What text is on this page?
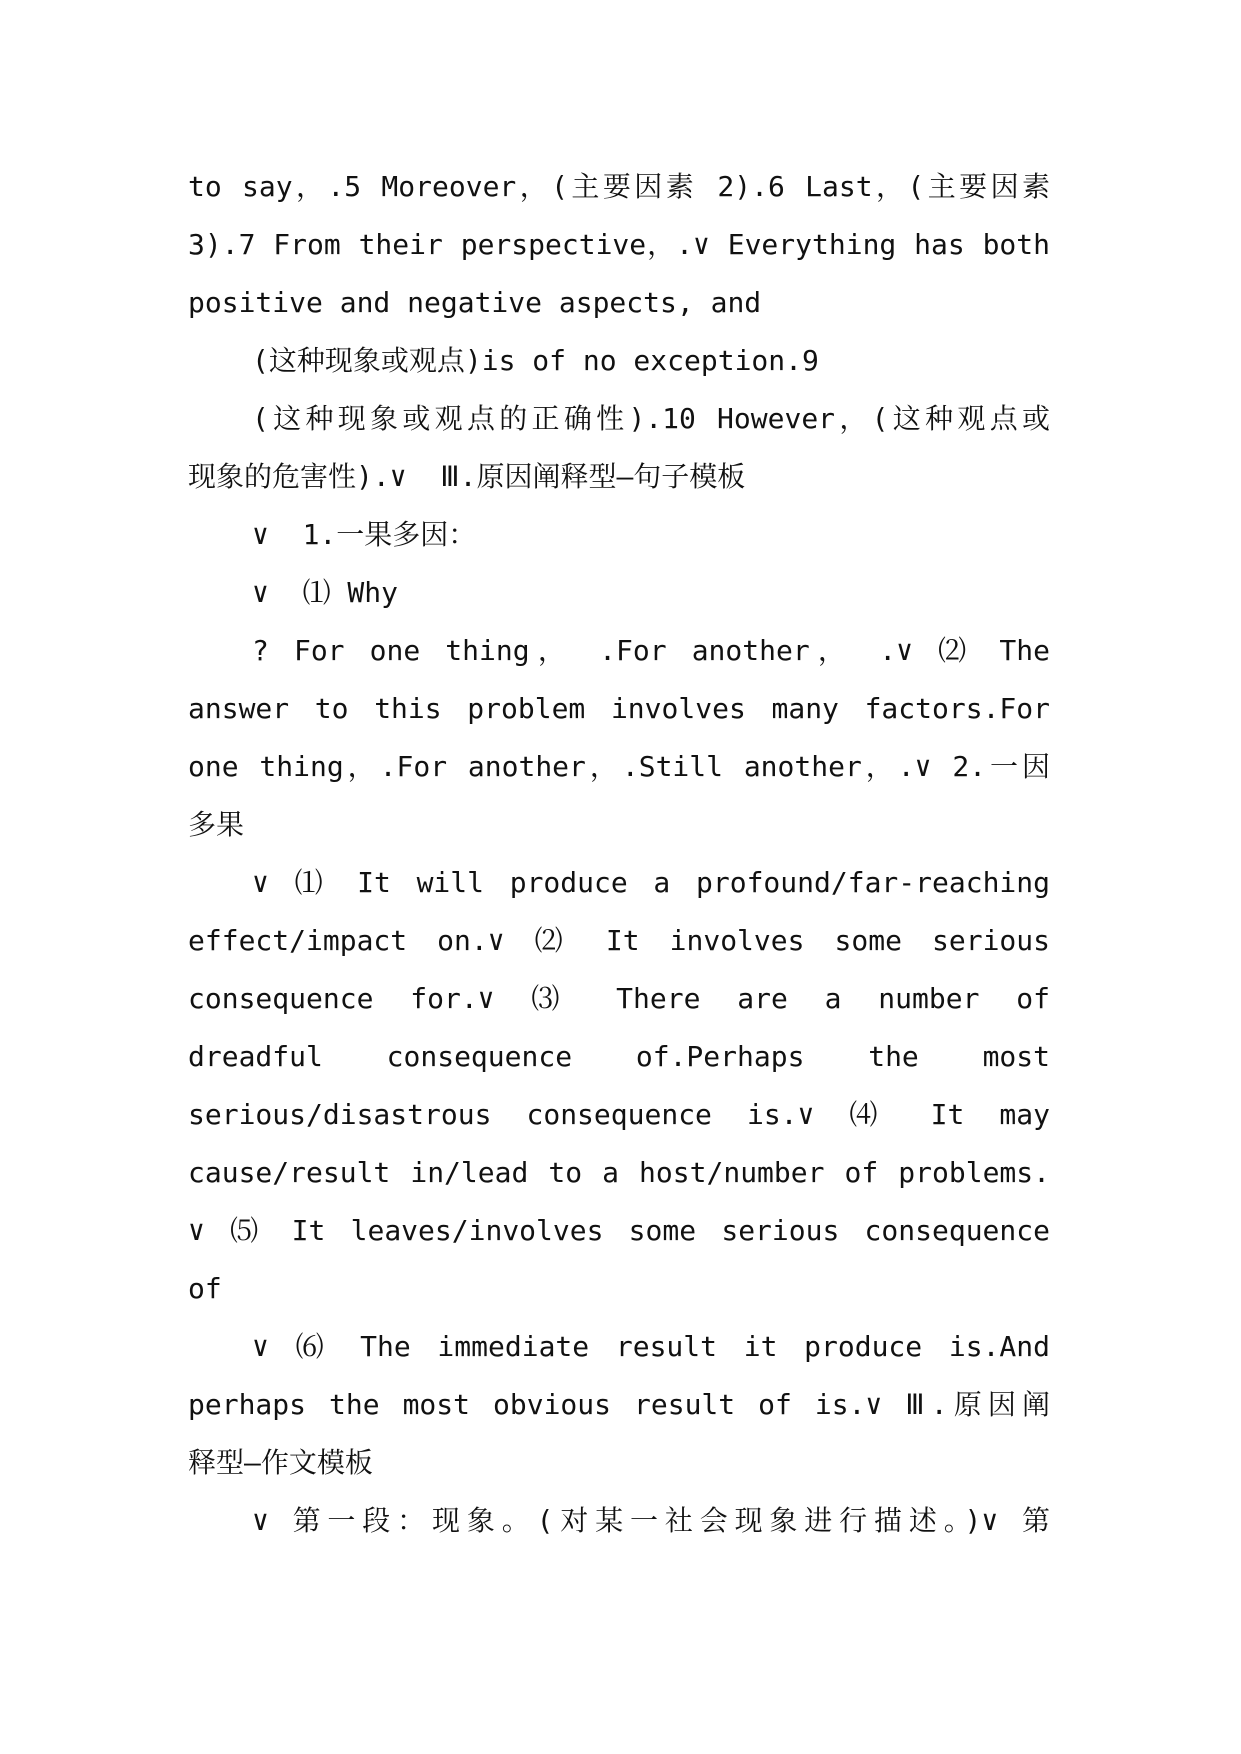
to say，.5 Moreover，(主要因素 2).6 Last，(主要因素

3).7 From their perspective，.∨ Everything has both

positive and negative aspects, and

(这种现象或观点)is of no exception.9

(这种现象或观点的正确性).10 However，(这种观点或

现象的危害性).∨  Ⅲ.原因阐释型—句子模板

∨  1.一果多因：

∨  ⑴ Why

? For one thing， .For another， .∨ ⑵ The

answer to this problem involves many factors.For

one thing，.For another，.Still another，.∨ 2.一因

多果

∨ ⑴ It will produce a profound/far-reaching

effect/impact on.∨ ⑵ It involves some serious

consequence for.∨ ⑶ There are a number of

dreadful consequence of.Perhaps the most

serious/disastrous consequence is.∨ ⑷ It may

cause/result in/lead to a host/number of problems.

∨ ⑸ It leaves/involves some serious consequence

of

∨ ⑹ The immediate result it produce is.And

perhaps the most obvious result of is.∨ Ⅲ.原因阐

释型—作文模板

∨ 第一段：现象。(对某一社会现象进行描述。)∨ 第
